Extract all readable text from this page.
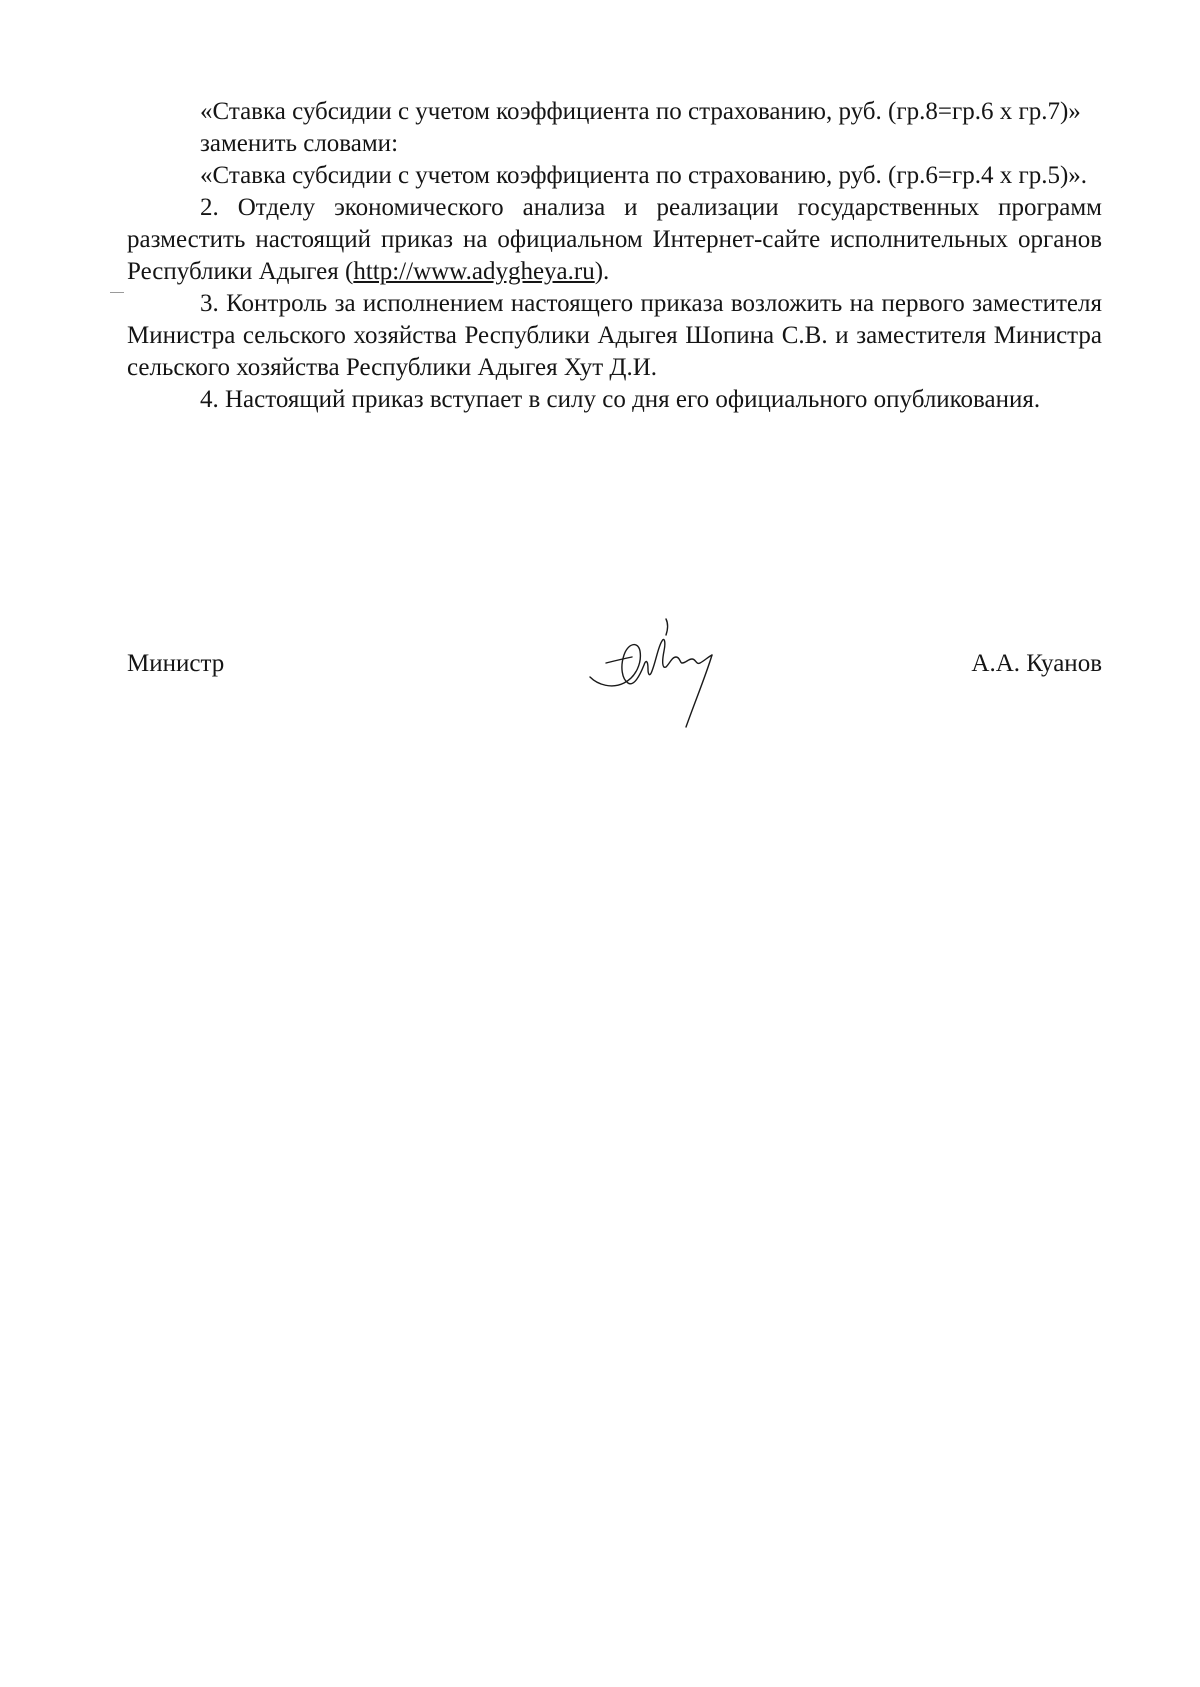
«Ставка субсидии с учетом коэффициента по страхованию, руб. (гр.8=гр.6 х гр.7)»

заменить словами:

«Ставка субсидии с учетом коэффициента по страхованию, руб. (гр.6=гр.4 х гр.5)».

2. Отделу экономического анализа и реализации государственных программ разместить настоящий приказ на официальном Интернет-сайте исполнительных органов Республики Адыгея (http://www.adygheya.ru).

3. Контроль за исполнением настоящего приказа возложить на первого заместителя Министра сельского хозяйства Республики Адыгея Шопина С.В. и заместителя Министра сельского хозяйства Республики Адыгея Хут Д.И.

4. Настоящий приказ вступает в силу со дня его официального опубликования.

Министр	А.А. Куанов
